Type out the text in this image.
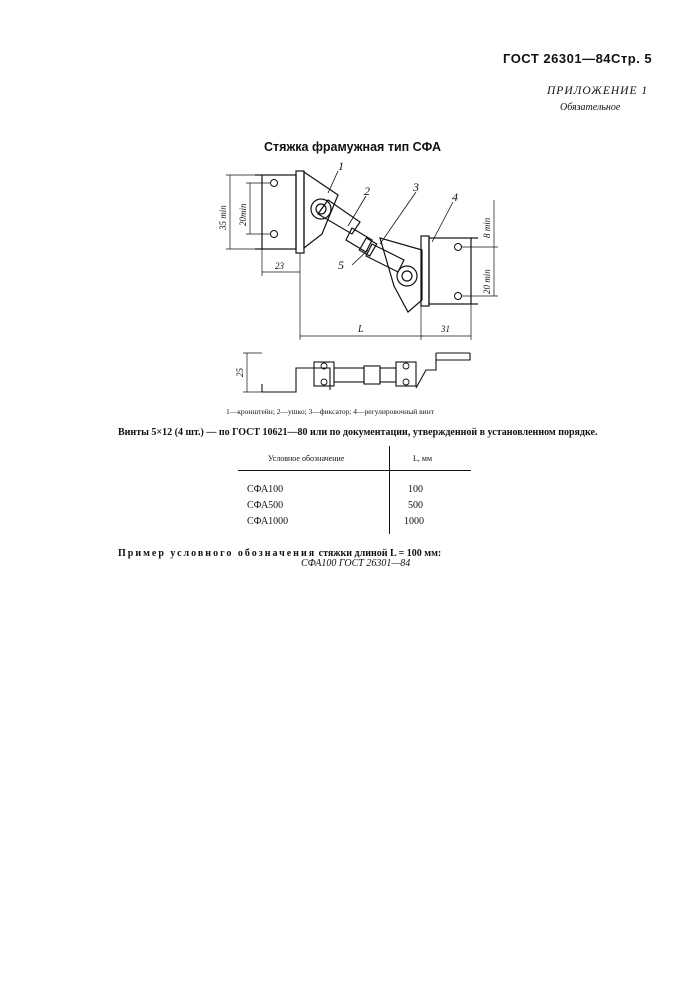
ГОСТ 26301—84 Стр. 5
ПРИЛОЖЕНИЕ 1
Обязательное
Стяжка фрамужная тип СФА
1
2	3
4
5
35 min 20min
23
L	31
8 min
20 min
25
1—кронштейн; 2—ушко; 3—фиксатор; 4—регулировочный винт
Винты 5×12 (4 шт.) — по ГОСТ 10621—80 или по документации, утвержденной в установленном порядке.
Условное обозначение	L, мм
СФА100	100
СФА500	500
СФА1000	1000
Пример условного обозначения стяжки длиной L = 100 мм:
СФА100 ГОСТ 26301—84
